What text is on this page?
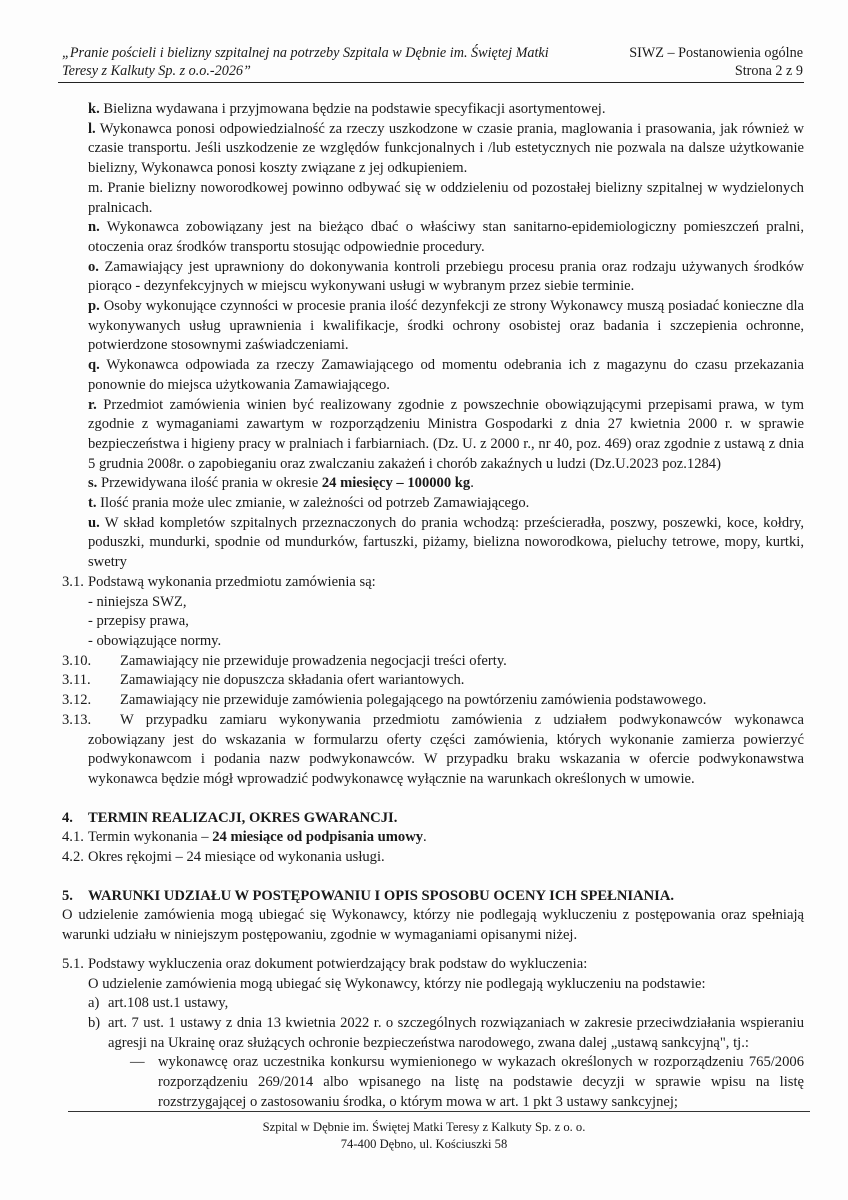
„Pranie pościeli i bielizny szpitalnej na potrzeby Szpitala w Dębnie im. Świętej Matki
Teresy z Kalkuty Sp. z o.o.-2026”
SIWZ – Postanowienia ogólne
Strona 2 z 9
k. Bielizna wydawana i przyjmowana będzie na podstawie specyfikacji asortymentowej.
l. Wykonawca ponosi odpowiedzialność za rzeczy uszkodzone w czasie prania, maglowania i prasowania, jak również w czasie transportu. Jeśli uszkodzenie ze względów funkcjonalnych i /lub estetycznych nie pozwala na dalsze użytkowanie bielizny, Wykonawca ponosi koszty związane z jej odkupieniem.
m. Pranie bielizny noworodkowej powinno odbywać się w oddzieleniu od pozostałej bielizny szpitalnej w wydzielonych pralnicach.
n. Wykonawca zobowiązany jest na bieżąco dbać o właściwy stan sanitarno-epidemiologiczny pomieszczeń pralni, otoczenia oraz środków transportu stosując odpowiednie procedury.
o. Zamawiający jest uprawniony do dokonywania kontroli przebiegu procesu prania oraz rodzaju używanych środków piorąco - dezynfekcyjnych w miejscu wykonywani usługi w wybranym przez siebie terminie.
p. Osoby wykonujące czynności w procesie prania ilość dezynfekcji ze strony Wykonawcy muszą posiadać konieczne dla wykonywanych usług uprawnienia i kwalifikacje, środki ochrony osobistej oraz badania i szczepienia ochronne, potwierdzone stosownymi zaświadczeniami.
q. Wykonawca odpowiada za rzeczy Zamawiającego od momentu odebrania ich z magazynu do czasu przekazania ponownie do miejsca użytkowania Zamawiającego.
r. Przedmiot zamówienia winien być realizowany zgodnie z powszechnie obowiązującymi przepisami prawa, w tym zgodnie z wymaganiami zawartym w rozporządzeniu Ministra Gospodarki z dnia 27 kwietnia 2000 r. w sprawie bezpieczeństwa i higieny pracy w pralniach i farbiarniach. (Dz. U. z 2000 r., nr 40, poz. 469) oraz zgodnie z ustawą z dnia 5 grudnia 2008r. o zapobieganiu oraz zwalczaniu zakażeń i chorób zakaźnych u ludzi (Dz.U.2023 poz.1284)
s. Przewidywana ilość prania w okresie 24 miesięcy – 100000 kg.
t. Ilość prania może ulec zmianie, w zależności od potrzeb Zamawiającego.
u. W skład kompletów szpitalnych przeznaczonych do prania wchodzą: prześcieradła, poszwy, poszewki, koce, kołdry, poduszki, mundurki, spodnie od mundurków, fartuszki, piżamy, bielizna noworodkowa, pieluchy tetrowe, mopy, kurtki, swetry
3.1. Podstawą wykonania przedmiotu zamówienia są:
- niniejsza SWZ,
- przepisy prawa,
- obowiązujące normy.
3.10.	Zamawiający nie przewiduje prowadzenia negocjacji treści oferty.
3.11.	Zamawiający nie dopuszcza składania ofert wariantowych.
3.12.	Zamawiający nie przewiduje zamówienia polegającego na powtórzeniu zamówienia podstawowego.
3.13.	W przypadku zamiaru wykonywania przedmiotu zamówienia z udziałem podwykonawców wykonawca
zobowiązany jest do wskazania w formularzu oferty części zamówienia, których wykonanie zamierza powierzyć podwykonawcom i podania nazw podwykonawców. W przypadku braku wskazania w ofercie podwykonawstwa wykonawca będzie mógł wprowadzić podwykonawcę wyłącznie na warunkach określonych w umowie.
4. TERMIN REALIZACJI, OKRES GWARANCJI.
4.1. Termin wykonania – 24 miesiące od podpisania umowy.
4.2. Okres rękojmi – 24 miesiące od wykonania usługi.
5. WARUNKI UDZIAŁU W POSTĘPOWANIU I OPIS SPOSOBU OCENY ICH SPEŁNIANIA.
O udzielenie zamówienia mogą ubiegać się Wykonawcy, którzy nie podlegają wykluczeniu z postępowania oraz spełniają warunki udziału w niniejszym postępowaniu, zgodnie w wymaganiami opisanymi niżej.
5.1. Podstawy wykluczenia oraz dokument potwierdzający brak podstaw do wykluczenia:
O udzielenie zamówienia mogą ubiegać się Wykonawcy, którzy nie podlegają wykluczeniu na podstawie:
a) art.108 ust.1 ustawy,
b) art. 7 ust. 1 ustawy z dnia 13 kwietnia 2022 r. o szczególnych rozwiązaniach w zakresie przeciwdziałania wspieraniu agresji na Ukrainę oraz służących ochronie bezpieczeństwa narodowego, zwana dalej „ustawą sankcyjną", tj.:
— wykonawcę oraz uczestnika konkursu wymienionego w wykazach określonych w rozporządzeniu 765/2006 rozporządzeniu 269/2014 albo wpisanego na listę na podstawie decyzji w sprawie wpisu na listę rozstrzygającej o zastosowaniu środka, o którym mowa w art. 1 pkt 3 ustawy sankcyjnej;
Szpital w Dębnie im. Świętej Matki Teresy z Kalkuty Sp. z o. o.
74-400 Dębno, ul. Kościuszki 58
